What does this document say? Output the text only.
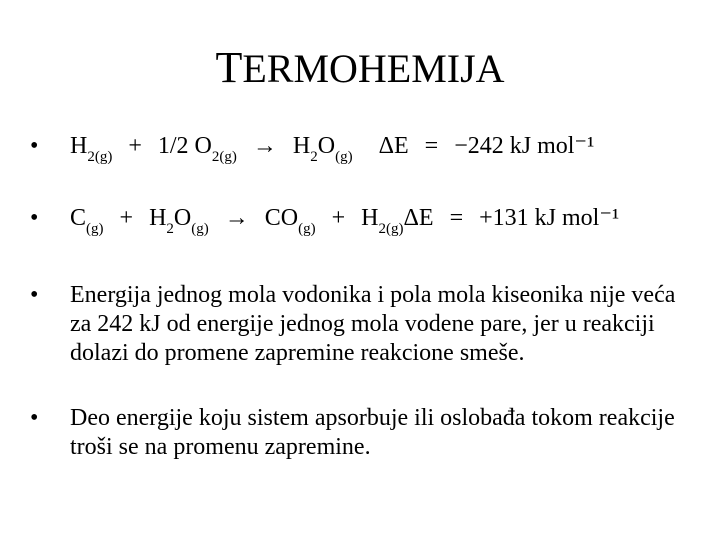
TERMOHEMIJA
• $H_{2(g)} + 1/2$ $O_{2(g)} \to H_2O_{(g)}$ ΔE = −242 kJ mol⁻¹
• $C_{(g)} + H_2O_{(g)} \to CO_{(g)} + H_{2(g)}\Delta E = +131$ kJ mol⁻¹
• Energija jednog mola vodonika i pola mola kiseonika nije veća za 242 kJ od energije jednog mola vodene pare, jer u reakciji dolazi do promene zapremine reakcione smeše.
• Deo energije koju sistem apsorbuje ili oslobađa tokom reakcije troši se na promenu zapremine.
